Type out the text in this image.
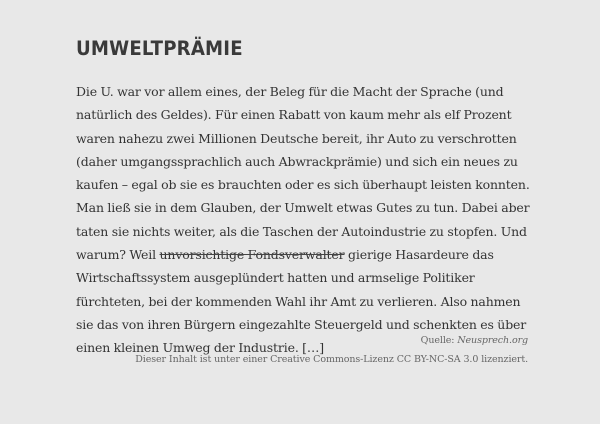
UMWELTPRÄMIE

Die U. war vor allem eines, der Beleg für die Macht der Sprache (und natürlich des Geldes). Für einen Rabatt von kaum mehr als elf Prozent waren nahezu zwei Millionen Deutsche bereit, ihr Auto zu verschrotten (daher umgangssprachlich auch Abwrackprämie) und sich ein neues zu kaufen – egal ob sie es brauchten oder es sich überhaupt leisten konnten. Man ließ sie in dem Glauben, der Umwelt etwas Gutes zu tun. Dabei aber taten sie nichts weiter, als die Taschen der Autoindustrie zu stopfen. Und warum? Weil unvorsichtige Fondsverwalter gierige Hasardeure das Wirtschaftssystem ausgeplündert hatten und armselige Politiker fürchteten, bei der kommenden Wahl ihr Amt zu verlieren. Also nahmen sie das von ihren Bürgern eingezahlte Steuergeld und schenkten es über einen kleinen Umweg der Industrie. […]	Quelle: Neusprech.org
Dieser Inhalt ist unter einer Creative Commons-Lizenz CC BY-NC-SA 3.0 lizenziert.
